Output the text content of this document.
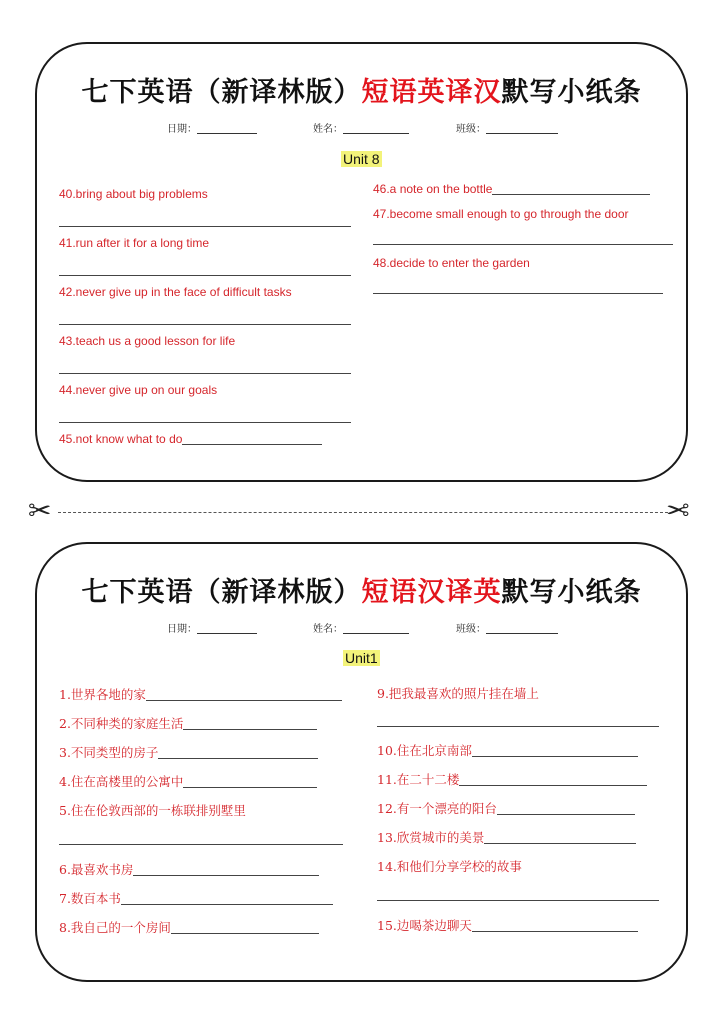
七下英语（新译林版）短语英译汉默写小纸条
日期：	姓名：	班级：
Unit 8
40.bring about big problems
41.run after it for a long time
42.never give up in the face of difficult tasks
43.teach us a good lesson for life
44.never give up on our goals
45.not know what to do
46.a note on the bottle
47.become small enough to go through the door
48.decide to enter the garden
✂	✂
七下英语（新译林版）短语汉译英默写小纸条
日期：	姓名：	班级：
Unit1
1.世界各地的家
2.不同种类的家庭生活
3.不同类型的房子
4.住在高楼里的公寓中
5.住在伦敦西部的一栋联排别墅里
6.最喜欢书房
7.数百本书
8.我自己的一个房间
9.把我最喜欢的照片挂在墙上
10.住在北京南部
11.在二十二楼
12.有一个漂亮的阳台
13.欣赏城市的美景
14.和他们分享学校的故事
15.边喝茶边聊天
